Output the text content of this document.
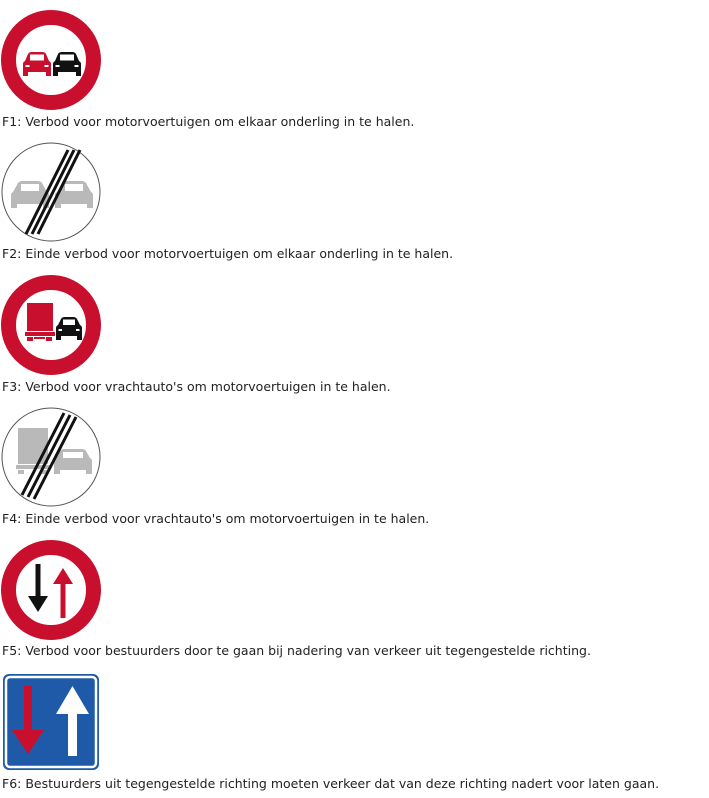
F1: Verbod voor motorvoertuigen om elkaar onderling in te halen.
F2: Einde verbod voor motorvoertuigen om elkaar onderling in te halen.
F3: Verbod voor vrachtauto's om motorvoertuigen in te halen.
F4: Einde verbod voor vrachtauto's om motorvoertuigen in te halen.
F5: Verbod voor bestuurders door te gaan bij nadering van verkeer uit tegengestelde richting.
F6: Bestuurders uit tegengestelde richting moeten verkeer dat van deze richting nadert voor laten gaan.
